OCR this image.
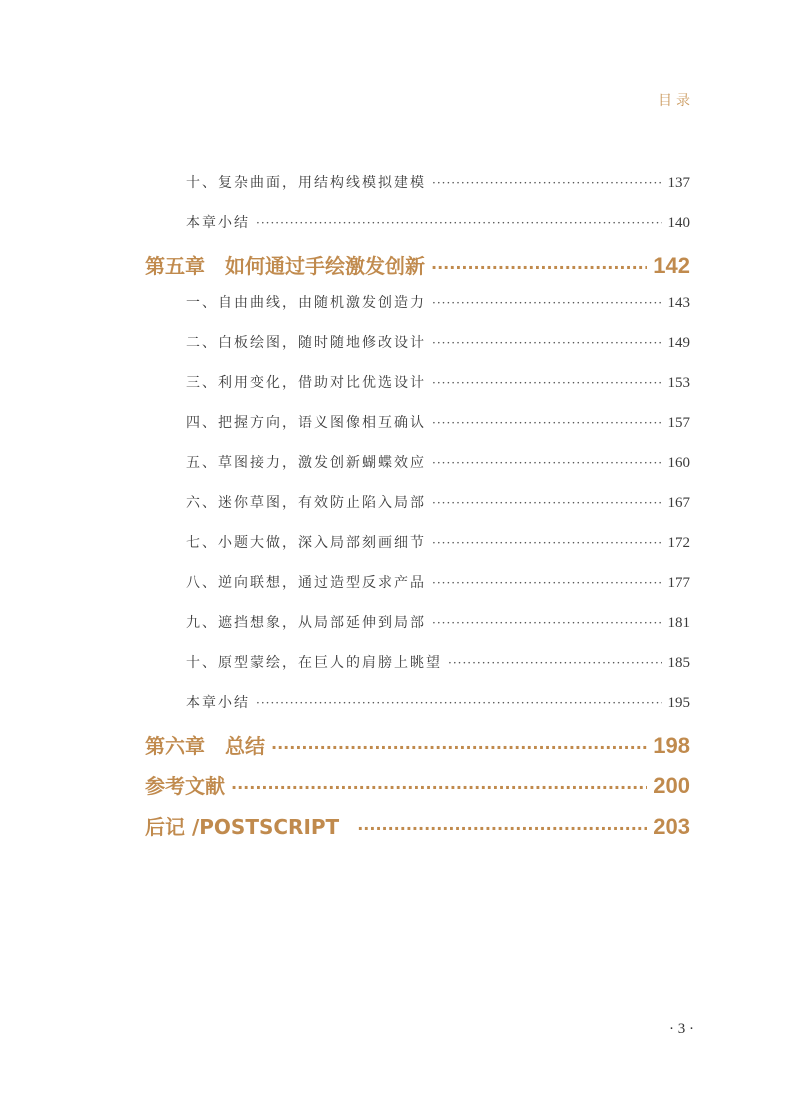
目录
十、复杂曲面，用结构线模拟建模 ·····	137
本章小结 ·····	140
第五章　如何通过手绘激发创新 ·····	142
一、自由曲线，由随机激发创造力 ·····	143
二、白板绘图，随时随地修改设计 ·····	149
三、利用变化，借助对比优选设计 ·····	153
四、把握方向，语义图像相互确认 ·····	157
五、草图接力，激发创新蝴蝶效应 ·····	160
六、迷你草图，有效防止陷入局部 ·····	167
七、小题大做，深入局部刻画细节 ·····	172
八、逆向联想，通过造型反求产品 ·····	177
九、遮挡想象，从局部延伸到局部 ·····	181
十、原型蒙绘，在巨人的肩膀上眺望 ·····	185
本章小结 ·····	195
第六章　总结 ·····	198
参考文献 ·····	200
后记 /POSTSCRIPT ·····	203
· 3 ·
